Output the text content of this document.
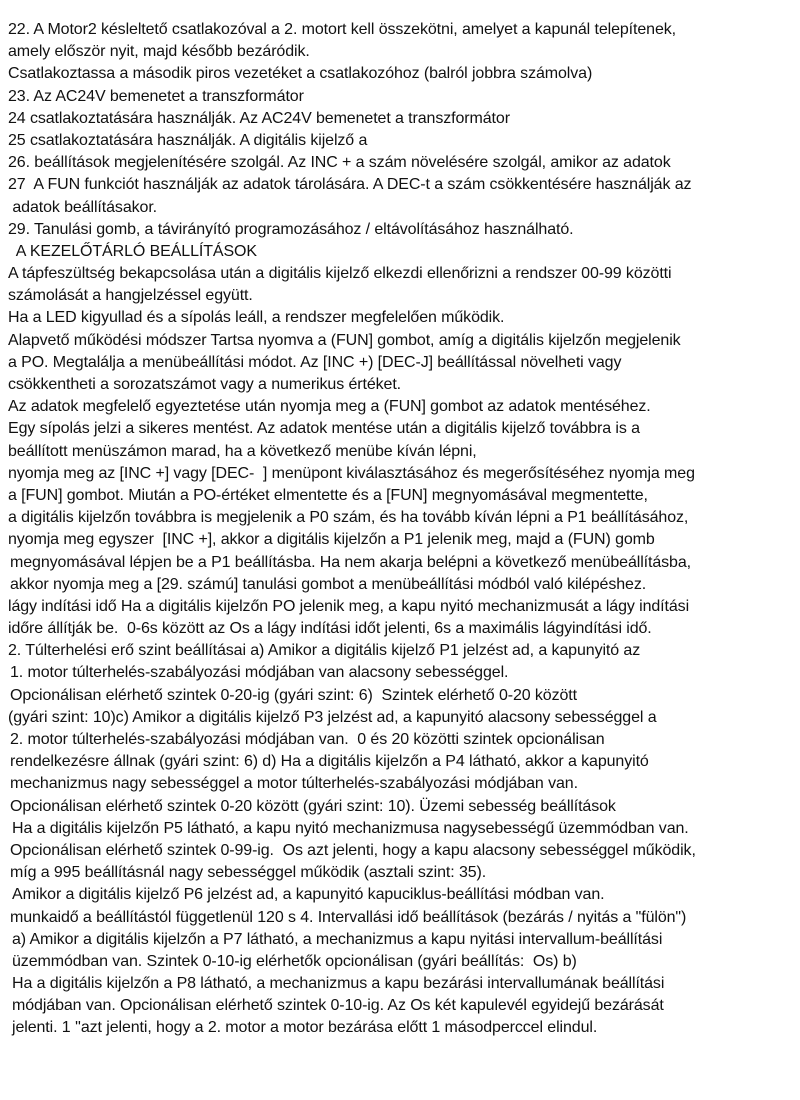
22. A Motor2 késleltető csatlakozóval a 2. motort kell összekötni, amelyet a kapunál telepítenek,
amely először nyit, majd később bezáródik.
Csatlakoztassa a második piros vezetéket a csatlakozóhoz (balról jobbra számolva)
23. Az AC24V bemenetet a transzformátor
24 csatlakoztatására használják. Az AC24V bemenetet a transzformátor
25 csatlakoztatására használják. A digitális kijelző a
26. beállítások megjelenítésére szolgál. Az INC + a szám növelésére szolgál, amikor az adatok
27  A FUN funkciót használják az adatok tárolására. A DEC-t a szám csökkentésére használják az
adatok beállításakor.
29. Tanulási gomb, a távirányító programozásához / eltávolításához használható.
A KEZELŐTÁRLÓ BEÁLLÍTÁSOK
A tápfeszültség bekapcsolása után a digitális kijelző elkezdi ellenőrizni a rendszer 00-99 közötti
számolását a hangjelzéssel együtt.
Ha a LED kigyullad és a sípolás leáll, a rendszer megfelelően működik.
Alapvető működési módszer Tartsa nyomva a (FUN] gombot, amíg a digitális kijelzőn megjelenik
a PO. Megtalálja a menübeállítási módot. Az [INC +) [DEC-J] beállítással növelheti vagy
csökkentheti a sorozatszámot vagy a numerikus értéket.
Az adatok megfelelő egyeztetése után nyomja meg a (FUN] gombot az adatok mentéséhez.
Egy sípolás jelzi a sikeres mentést. Az adatok mentése után a digitális kijelző továbbra is a
beállított menüszámon marad, ha a következő menübe kíván lépni,
nyomja meg az [INC +] vagy [DEC-  ] menüpont kiválasztásához és megerősítéséhez nyomja meg
a [FUN] gombot. Miután a PO-értéket elmentette és a [FUN] megnyomásával megmentette,
a digitális kijelzőn továbbra is megjelenik a P0 szám, és ha tovább kíván lépni a P1 beállításához,
nyomja meg egyszer  [INC +], akkor a digitális kijelzőn a P1 jelenik meg, majd a (FUN) gomb
megnyomásával lépjen be a P1 beállításba. Ha nem akarja belépni a következő menübeállításba,
akkor nyomja meg a [29. számú] tanulási gombot a menübeállítási módból való kilépéshez.
lágy indítási idő Ha a digitális kijelzőn PO jelenik meg, a kapu nyitó mechanizmusát a lágy indítási
időre állítják be.  0-6s között az Os a lágy indítási időt jelenti, 6s a maximális lágyindítási idő.
2. Túlterhelési erő szint beállításai a) Amikor a digitális kijelző P1 jelzést ad, a kapunyitó az
1. motor túlterhelés-szabályozási módjában van alacsony sebességgel.
Opcionálisan elérhető szintek 0-20-ig (gyári szint: 6)  Szintek elérhető 0-20 között
(gyári szint: 10)c) Amikor a digitális kijelző P3 jelzést ad, a kapunyitó alacsony sebességgel a
2. motor túlterhelés-szabályozási módjában van.  0 és 20 közötti szintek opcionálisan
rendelkezésre állnak (gyári szint: 6) d) Ha a digitális kijelzőn a P4 látható, akkor a kapunyitó
mechanizmus nagy sebességgel a motor túlterhelés-szabályozási módjában van.
Opcionálisan elérhető szintek 0-20 között (gyári szint: 10). Üzemi sebesség beállítások
Ha a digitális kijelzőn P5 látható, a kapu nyitó mechanizmusa nagysebességű üzemmódban van.
Opcionálisan elérhető szintek 0-99-ig.  Os azt jelenti, hogy a kapu alacsony sebességgel működik,
míg a 995 beállításnál nagy sebességgel működik (asztali szint: 35).
Amikor a digitális kijelző P6 jelzést ad, a kapunyitó kapuciklus-beállítási módban van.
munkaidő a beállítástól függetlenül 120 s 4. Intervallási idő beállítások (bezárás / nyitás a "fülön")
a) Amikor a digitális kijelzőn a P7 látható, a mechanizmus a kapu nyitási intervallum-beállítási
üzemmódban van. Szintek 0-10-ig elérhetők opcionálisan (gyári beállítás:  Os) b)
Ha a digitális kijelzőn a P8 látható, a mechanizmus a kapu bezárási intervallumának beállítási
módjában van. Opcionálisan elérhető szintek 0-10-ig. Az Os két kapulevél egyidejű bezárását
jelenti. 1 ''azt jelenti, hogy a 2. motor a motor bezárása előtt 1 másodperccel elindul.
